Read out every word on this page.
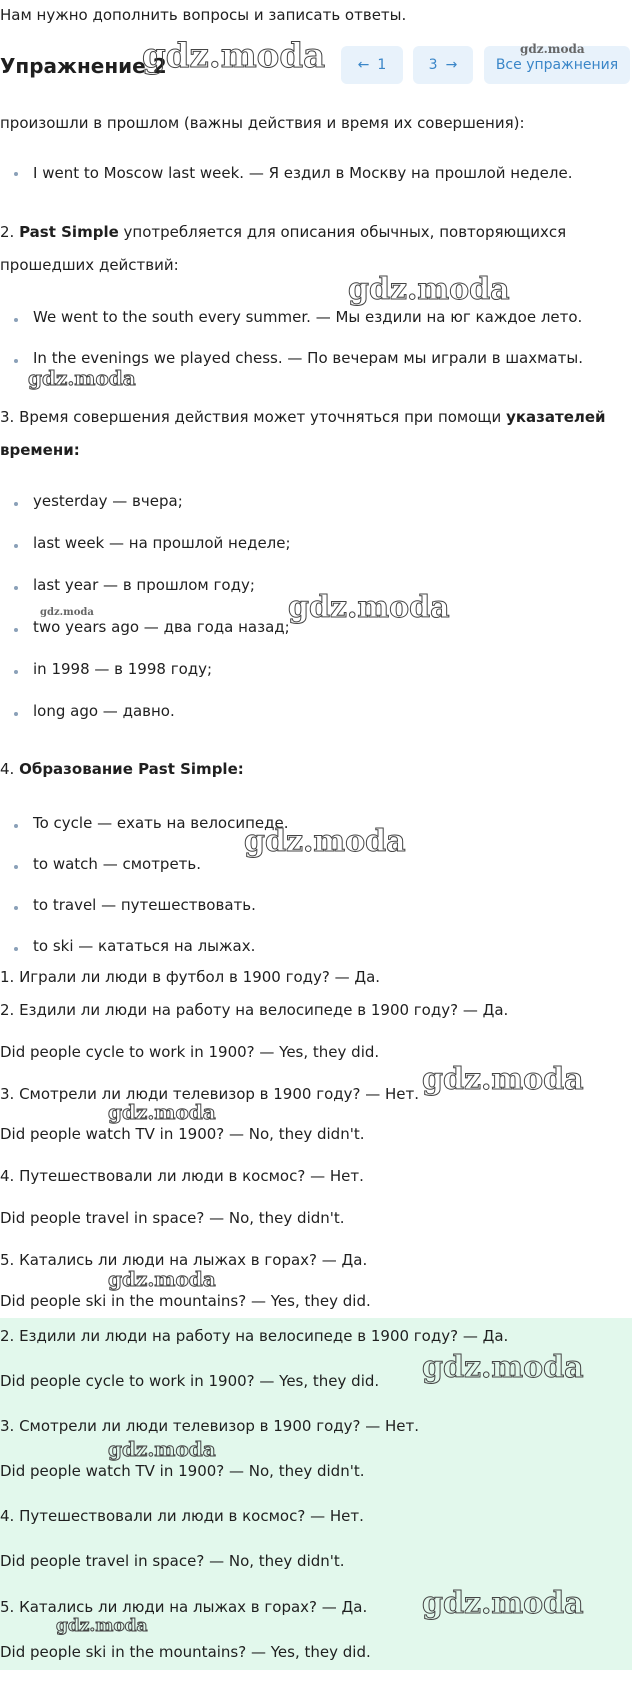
Нам нужно дополнить вопросы и записать ответы.
Упражнение 2	← 1	3 →	Все упражнения
произошли в прошлом (важны действия и время их совершения):
I went to Moscow last week. — Я ездил в Москву на прошлой неделе.
2. Past Simple употребляется для описания обычных, повторяющихся
прошедших действий:
We went to the south every summer. — Мы ездили на юг каждое лето.
In the evenings we played chess. — По вечерам мы играли в шахматы.
3. Время совершения действия может уточняться при помощи указателей
времени:
yesterday — вчера;
last week — на прошлой неделе;
last year — в прошлом году;
two years ago — два года назад;
in 1998 — в 1998 году;
long ago — давно.
4. Образование Past Simple:
To cycle — ехать на велосипеде.
to watch — смотреть.
to travel — путешествовать.
to ski — кататься на лыжах.
1. Играли ли люди в футбол в 1900 году? — Да.
2. Ездили ли люди на работу на велосипеде в 1900 году? — Да.
Did people cycle to work in 1900? — Yes, they did.
3. Смотрели ли люди телевизор в 1900 году? — Нет.
Did people watch TV in 1900? — No, they didn't.
4. Путешествовали ли люди в космос? — Нет.
Did people travel in space? — No, they didn't.
5. Катались ли люди на лыжах в горах? — Да.
Did people ski in the mountains? — Yes, they did.
2. Ездили ли люди на работу на велосипеде в 1900 году? — Да.
Did people cycle to work in 1900? — Yes, they did.
3. Смотрели ли люди телевизор в 1900 году? — Нет.
Did people watch TV in 1900? — No, they didn't.
4. Путешествовали ли люди в космос? — Нет.
Did people travel in space? — No, they didn't.
5. Катались ли люди на лыжах в горах? — Да.
Did people ski in the mountains? — Yes, they did.
gdz.moda	gdz.moda
gdz.moda
gdz.moda
gdz.moda	gdz.moda
gdz.moda
gdz.moda
gdz.moda
gdz.moda
gdz.moda
gdz.moda
gdz.moda
gdz.moda
